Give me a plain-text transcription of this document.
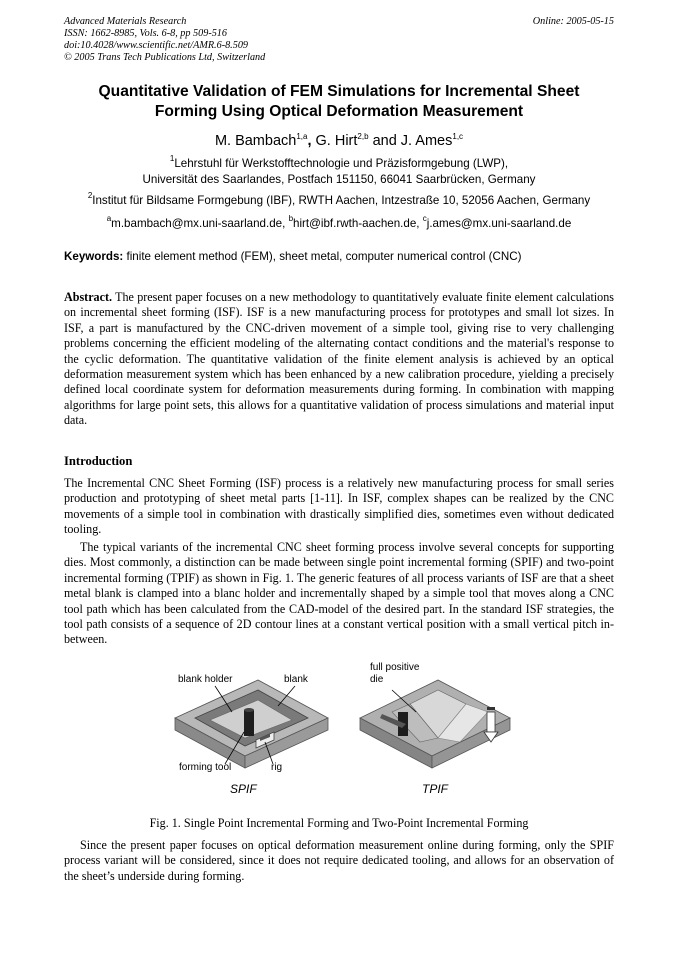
Advanced Materials Research
ISSN: 1662-8985, Vols. 6-8, pp 509-516
doi:10.4028/www.scientific.net/AMR.6-8.509
© 2005 Trans Tech Publications Ltd, Switzerland
Online: 2005-05-15
Quantitative Validation of FEM Simulations for Incremental Sheet
Forming Using Optical Deformation Measurement
M. Bambach$^{1,a}$, G. Hirt$^{2,b}$ and J. Ames$^{1,c}$
$^1$Lehrstuhl für Werkstofftechnologie und Präzisformgebung (LWP),
Universität des Saarlandes, Postfach 151150, 66041 Saarbrücken, Germany
$^2$Institut für Bildsame Formgebung (IBF), RWTH Aachen, Intzestraße 10, 52056 Aachen, Germany
$^a$m.bambach@mx.uni-saarland.de, $^b$hirt@ibf.rwth-aachen.de, $^c$j.ames@mx.uni-saarland.de
Keywords: finite element method (FEM), sheet metal, computer numerical control (CNC)
Abstract. The present paper focuses on a new methodology to quantitatively evaluate finite element calculations on incremental sheet forming (ISF). ISF is a new manufacturing process for prototypes and small lot sizes. In ISF, a part is manufactured by the CNC-driven movement of a simple tool, giving rise to very challenging problems concerning the efficient modeling of the alternating contact conditions and the material's response to the cyclic deformation. The quantitative validation of the finite element analysis is achieved by an optical deformation measurement system which has been enhanced by a new calibration procedure, yielding a precisely defined local coordinate system for deformation measurements during forming. In combination with mapping algorithms for large point sets, this allows for a quantitative validation of process simulations and material input data.
Introduction
The Incremental CNC Sheet Forming (ISF) process is a relatively new manufacturing process for small series production and prototyping of sheet metal parts [1-11]. In ISF, complex shapes can be realized by the CNC movements of a simple tool in combination with drastically simplified dies, sometimes even without dedicated tooling.
The typical variants of the incremental CNC sheet forming process involve several concepts for supporting dies. Most commonly, a distinction can be made between single point incremental forming (SPIF) and two-point incremental forming (TPIF) as shown in Fig. 1. The generic features of all process variants of ISF are that a sheet metal blank is clamped into a blanc holder and incrementally shaped by a simple tool that moves along a CNC tool path which has been calculated from the CAD-model of the desired part. In the standard ISF strategies, the tool path consists of a sequence of 2D contour lines at a constant vertical position with a small vertical pitch in-between.
blank holder	blank
forming tool	rig
full positive
die
SPIF	TPIF
Fig. 1. Single Point Incremental Forming and Two-Point Incremental Forming
Since the present paper focuses on optical deformation measurement online during forming, only the SPIF process variant will be considered, since it does not require dedicated tooling, and allows for an observation of the sheet’s underside during forming.
